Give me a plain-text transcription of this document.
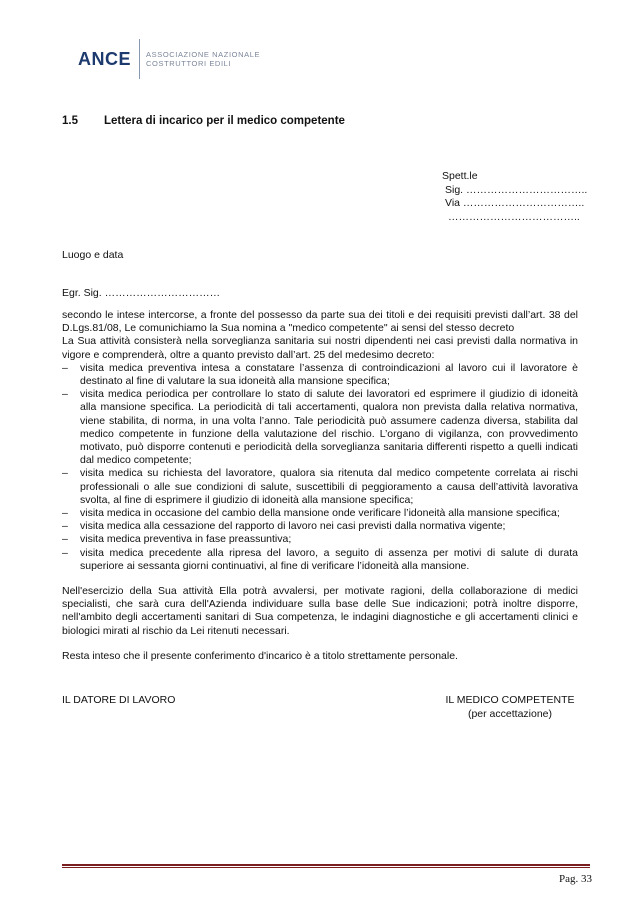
ANCE	ASSOCIAZIONE NAZIONALE
COSTRUTTORI EDILI
1.5	Lettera di incarico per il medico competente
Spett.le
Sig. ……………………………..
Via ……………………………..
………………………………..
Luogo e data
Egr. Sig. ……………………………

secondo le intese intercorse, a fronte del possesso da parte sua dei titoli e dei requisiti previsti dall’art. 38 del D.Lgs.81/08, Le comunichiamo la Sua nomina a "medico competente" ai sensi del stesso decreto

La Sua attività consisterà nella sorveglianza sanitaria sui nostri dipendenti nei casi previsti dalla normativa in vigore e comprenderà, oltre a quanto previsto dall’art. 25 del medesimo decreto:

– visita medica preventiva intesa a constatare l’assenza di controindicazioni al lavoro cui il lavoratore è destinato al fine di valutare la sua idoneità alla mansione specifica;
– visita medica periodica per controllare lo stato di salute dei lavoratori ed esprimere il giudizio di idoneità alla mansione specifica. La periodicità di tali accertamenti, qualora non prevista dalla relativa normativa, viene stabilita, di norma, in una volta l’anno. Tale periodicità può assumere cadenza diversa, stabilita dal medico competente in funzione della valutazione del rischio. L’organo di vigilanza, con provvedimento motivato, può disporre contenuti e periodicità della sorveglianza sanitaria differenti rispetto a quelli indicati dal medico competente;
– visita medica su richiesta del lavoratore, qualora sia ritenuta dal medico competente correlata ai rischi professionali o alle sue condizioni di salute, suscettibili di peggioramento a causa dell’attività lavorativa svolta, al fine di esprimere il giudizio di idoneità alla mansione specifica;
– visita medica in occasione del cambio della mansione onde verificare l’idoneità alla mansione specifica;
– visita medica alla cessazione del rapporto di lavoro nei casi previsti dalla normativa vigente;
– visita medica preventiva in fase preassuntiva;
– visita medica precedente alla ripresa del lavoro, a seguito di assenza per motivi di salute di durata superiore ai sessanta giorni continuativi, al fine di verificare l’idoneità alla mansione.

Nell'esercizio della Sua attività Ella potrà avvalersi, per motivate ragioni, della collaborazione di medici specialisti, che sarà cura dell'Azienda individuare sulla base delle Sue indicazioni; potrà inoltre disporre, nell'ambito degli accertamenti sanitari di Sua competenza, le indagini diagnostiche e gli accertamenti clinici e biologici mirati al rischio da Lei ritenuti necessari.

Resta inteso che il presente conferimento d'incarico è a titolo strettamente personale.

IL DATORE DI LAVORO	IL MEDICO COMPETENTE
(per accettazione)
Pag. 33
